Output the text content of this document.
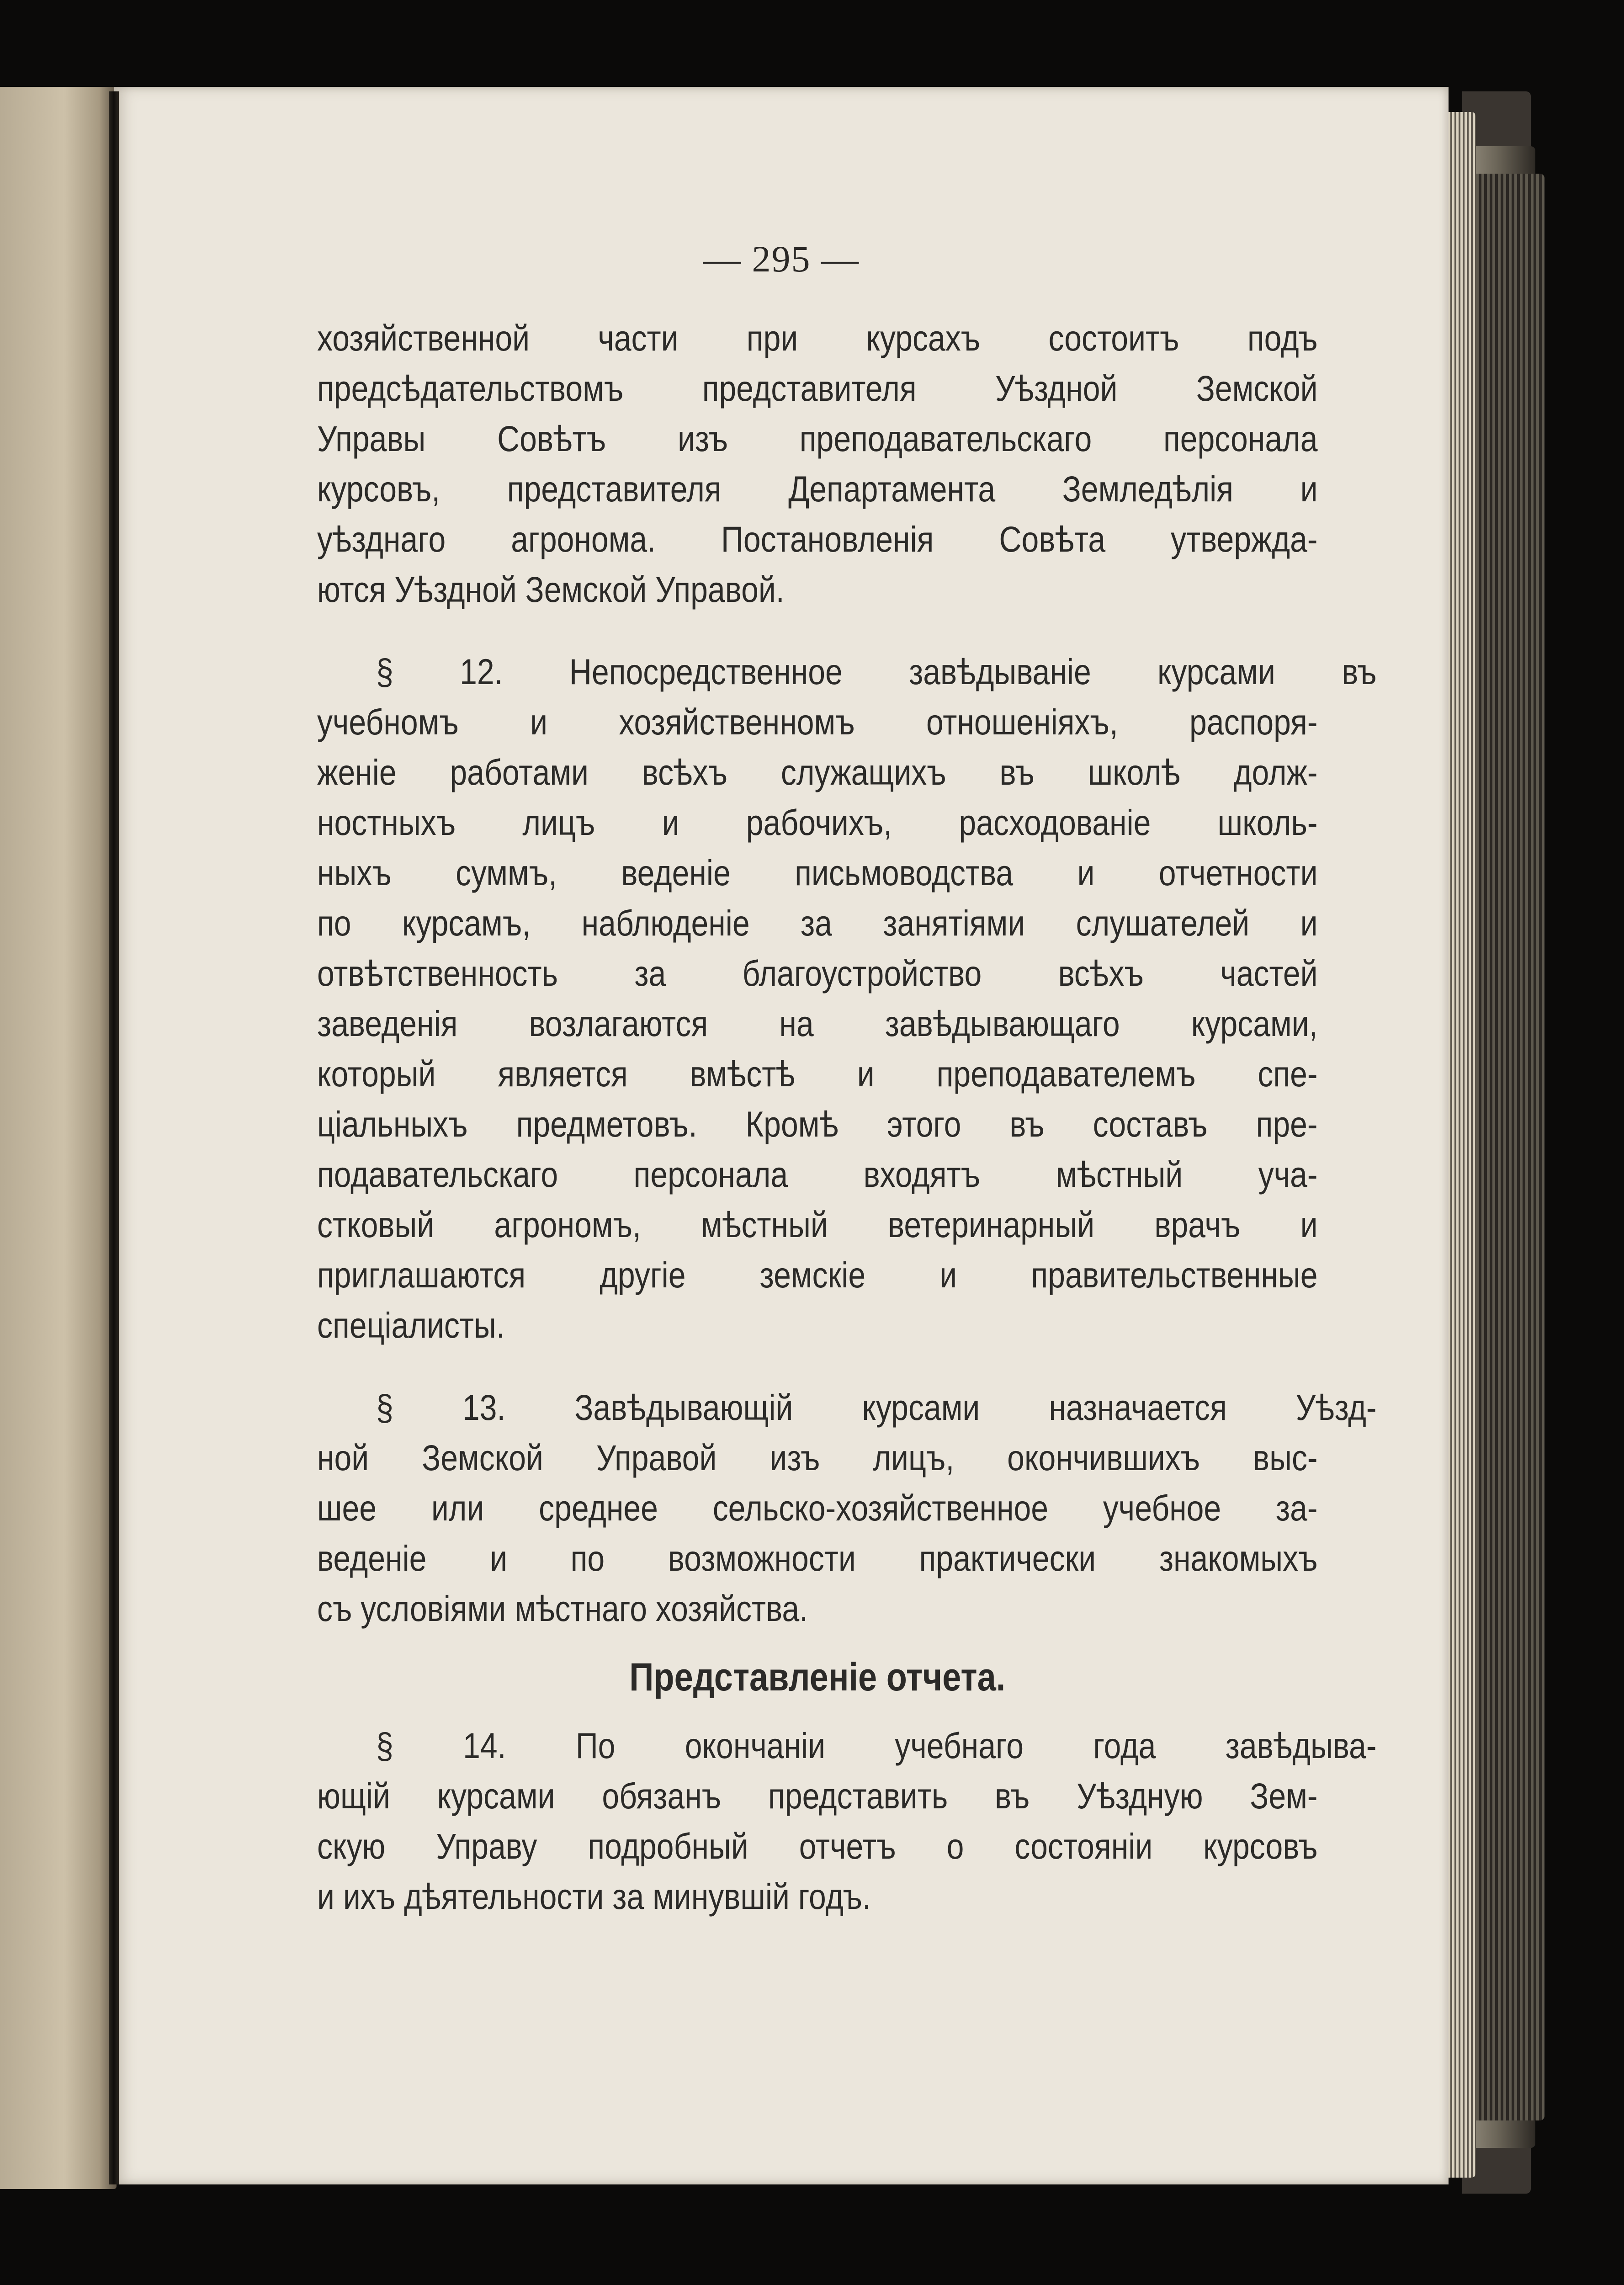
— 295 —

хозяйственной части при курсахъ состоитъ подъ

предсѣдательствомъ представителя Уѣздной Земской

Управы Совѣтъ изъ преподавательскаго персонала

курсовъ, представителя Департамента Земледѣлія и

уѣзднаго агронома. Постановленія Совѣта утвержда-

ются Уѣздной Земской Управой.

§ 12. Непосредственное завѣдываніе курсами въ

учебномъ и хозяйственномъ отношеніяхъ, распоря-

женіе работами всѣхъ служащихъ въ школѣ долж-

ностныхъ лицъ и рабочихъ, расходованіе школь-

ныхъ суммъ, веденіе письмоводства и отчетности

по курсамъ, наблюденіе за занятіями слушателей и

отвѣтственность за благоустройство всѣхъ частей

заведенія возлагаются на завѣдывающаго курсами,

который является вмѣстѣ и преподавателемъ спе-

ціальныхъ предметовъ. Кромѣ этого въ составъ пре-

подавательскаго персонала входятъ мѣстный уча-

стковый агрономъ, мѣстный ветеринарный врачъ и

приглашаются другіе земскіе и правительственные

спеціалисты.

§ 13. Завѣдывающій курсами назначается Уѣзд-

ной Земской Управой изъ лицъ, окончившихъ выс-

шее или среднее сельско-хозяйственное учебное за-

веденіе и по возможности практически знакомыхъ

съ условіями мѣстнаго хозяйства.

Представленіе отчета.

§ 14. По окончаніи учебнаго года завѣдыва-

ющій курсами обязанъ представить въ Уѣздную Зем-

скую Управу подробный отчетъ о состояніи курсовъ

и ихъ дѣятельности за минувшій годъ.
